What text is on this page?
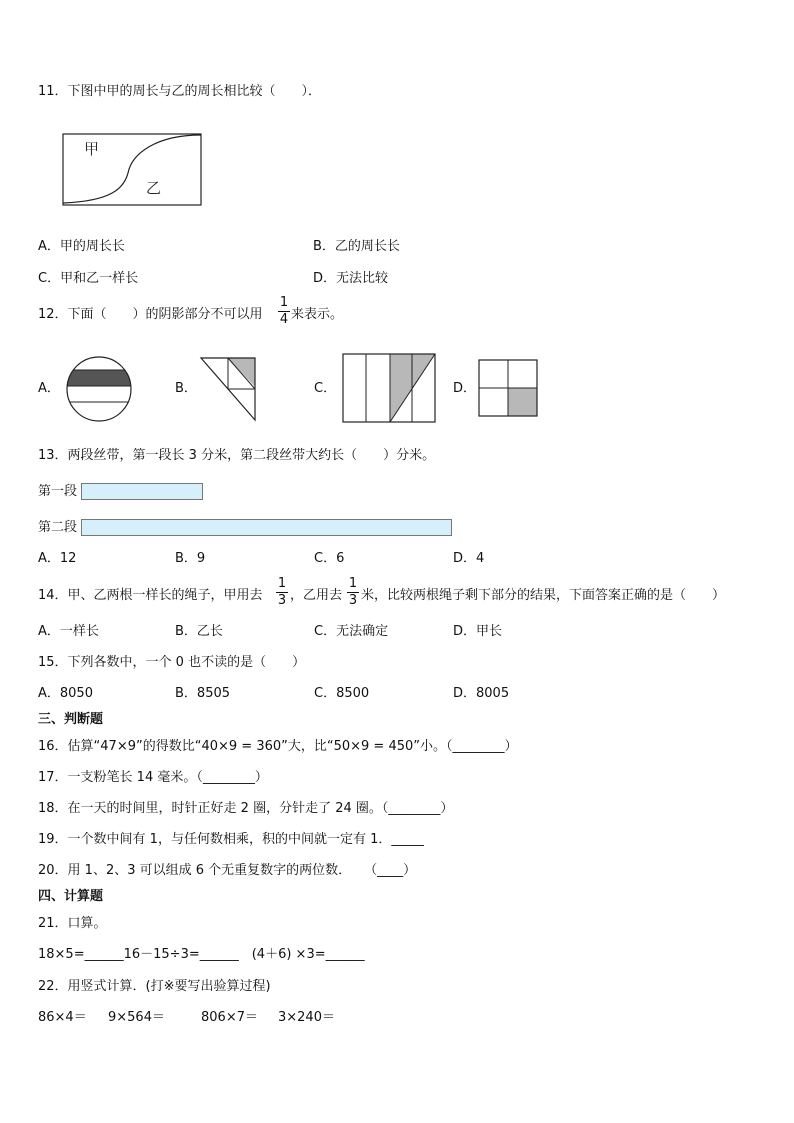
11．下图中甲的周长与乙的周长相比较（　　）．
甲
乙
A．甲的周长长	B．乙的周长长
C．甲和乙一样长	D．无法比较
12．下面（　　）的阴影部分不可以用
1
4 来表示。
A．	B．	C．	D．
13．两段丝带，第一段长 3 分米，第二段丝带大约长（　　）分米。
第一段
第二段
A．12	B．9	C．6	D．4
14．甲、乙两根一样长的绳子，甲用去
1
3 ，乙用去
1
3 米，比较两根绳子剩下部分的结果，下面答案正确的是（　　）
A．一样长	B．乙长	C．无法确定	D．甲长
15．下列各数中，一个 0 也不读的是（　　）
A．8050	B．8505	C．8500	D．8005
三、判断题
16．估算“47×9”的得数比“40×9 = 360”大，比“50×9 = 450”小。（________）
17．一支粉笔长 14 毫米。（________）
18．在一天的时间里，时针正好走 2 圈，分针走了 24 圈。（________）
19．一个数中间有 1，与任何数相乘，积的中间就一定有 1．_____
20．用 1、2、3 可以组成 6 个无重复数字的两位数．　　（____）
四、计算题
21．口算。
18×5=______16－15÷3=______　(4＋6) ×3=______
22．用竖式计算．(打※要写出验算过程)
86×4＝ 9×564＝	806×7＝ 3×240＝
